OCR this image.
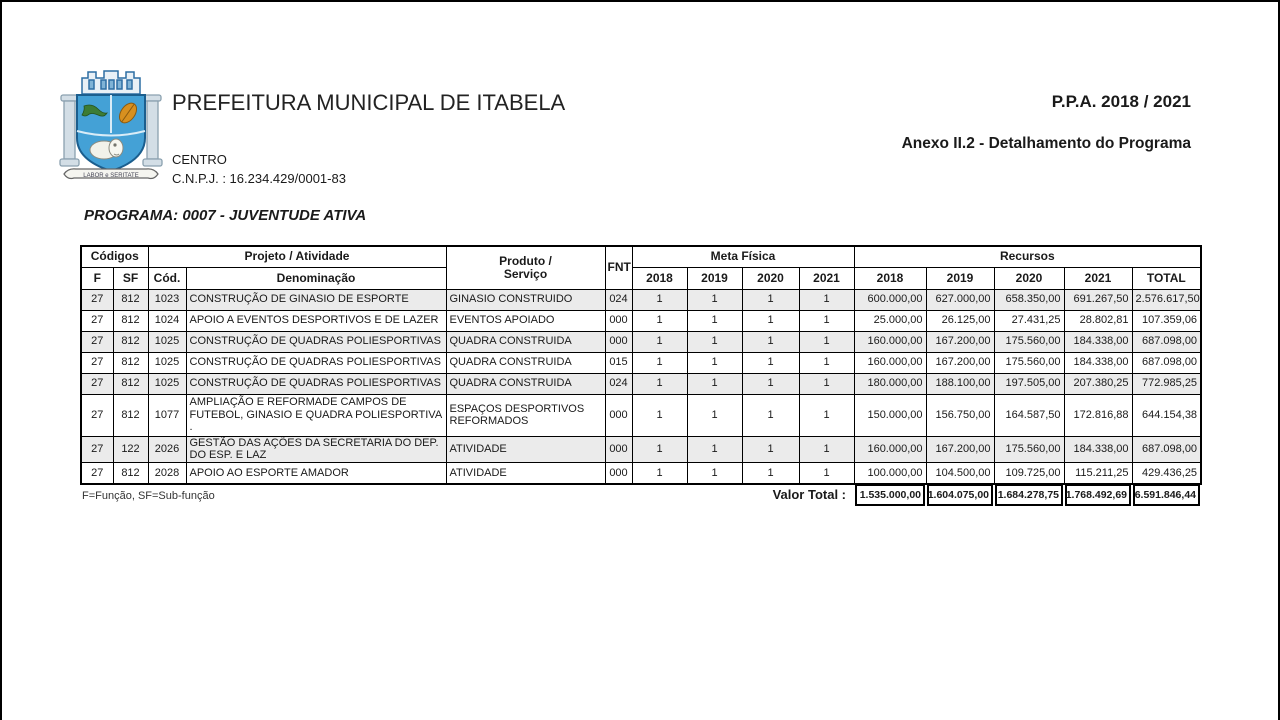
LABOR e SERITATE
PREFEITURA MUNICIPAL DE ITABELA
CENTRO
C.N.P.J. : 16.234.429/0001-83
P.P.A. 2018 / 2021
Anexo II.2 - Detalhamento do Programa
PROGRAMA: 0007 - JUVENTUDE ATIVA
Códigos		Projeto / Atividade		Produto /
Serviço	FNT	Meta Física				Recursos				
F	SF	Cód.	Denominação			2018	2019	2020	2021	2018	2019	2020	2021	TOTAL
27	812	1023	CONSTRUÇÃO DE GINASIO DE ESPORTE	GINASIO CONSTRUIDO	024	1	1	1	1	600.000,00	627.000,00	658.350,00	691.267,50	2.576.617,50
27	812	1024	APOIO A EVENTOS DESPORTIVOS E DE LAZER	EVENTOS APOIADO	000	1	1	1	1	25.000,00	26.125,00	27.431,25	28.802,81	107.359,06
27	812	1025	CONSTRUÇÃO DE QUADRAS POLIESPORTIVAS	QUADRA CONSTRUIDA	000	1	1	1	1	160.000,00	167.200,00	175.560,00	184.338,00	687.098,00
27	812	1025	CONSTRUÇÃO DE QUADRAS POLIESPORTIVAS	QUADRA CONSTRUIDA	015	1	1	1	1	160.000,00	167.200,00	175.560,00	184.338,00	687.098,00
27	812	1025	CONSTRUÇÃO DE QUADRAS POLIESPORTIVAS	QUADRA CONSTRUIDA	024	1	1	1	1	180.000,00	188.100,00	197.505,00	207.380,25	772.985,25
27	812	1077	AMPLIAÇÃO E REFORMADE CAMPOS DE
FUTEBOL, GINASIO E QUADRA POLIESPORTIVA
.	ESPAÇOS DESPORTIVOS
REFORMADOS	000	1	1	1	1	150.000,00	156.750,00	164.587,50	172.816,88	644.154,38
27	122	2026	GESTÃO DAS AÇÕES DA SECRETARIA DO DEP.
DO ESP. E LAZ	ATIVIDADE	000	1	1	1	1	160.000,00	167.200,00	175.560,00	184.338,00	687.098,00
27	812	2028	APOIO AO ESPORTE AMADOR	ATIVIDADE	000	1	1	1	1	100.000,00	104.500,00	109.725,00	115.211,25	429.436,25
Valor Total :	1.535.000,00 1.604.075,00 1.684.278,75 1.768.492,69 6.591.846,44
F=Função, SF=Sub-função
